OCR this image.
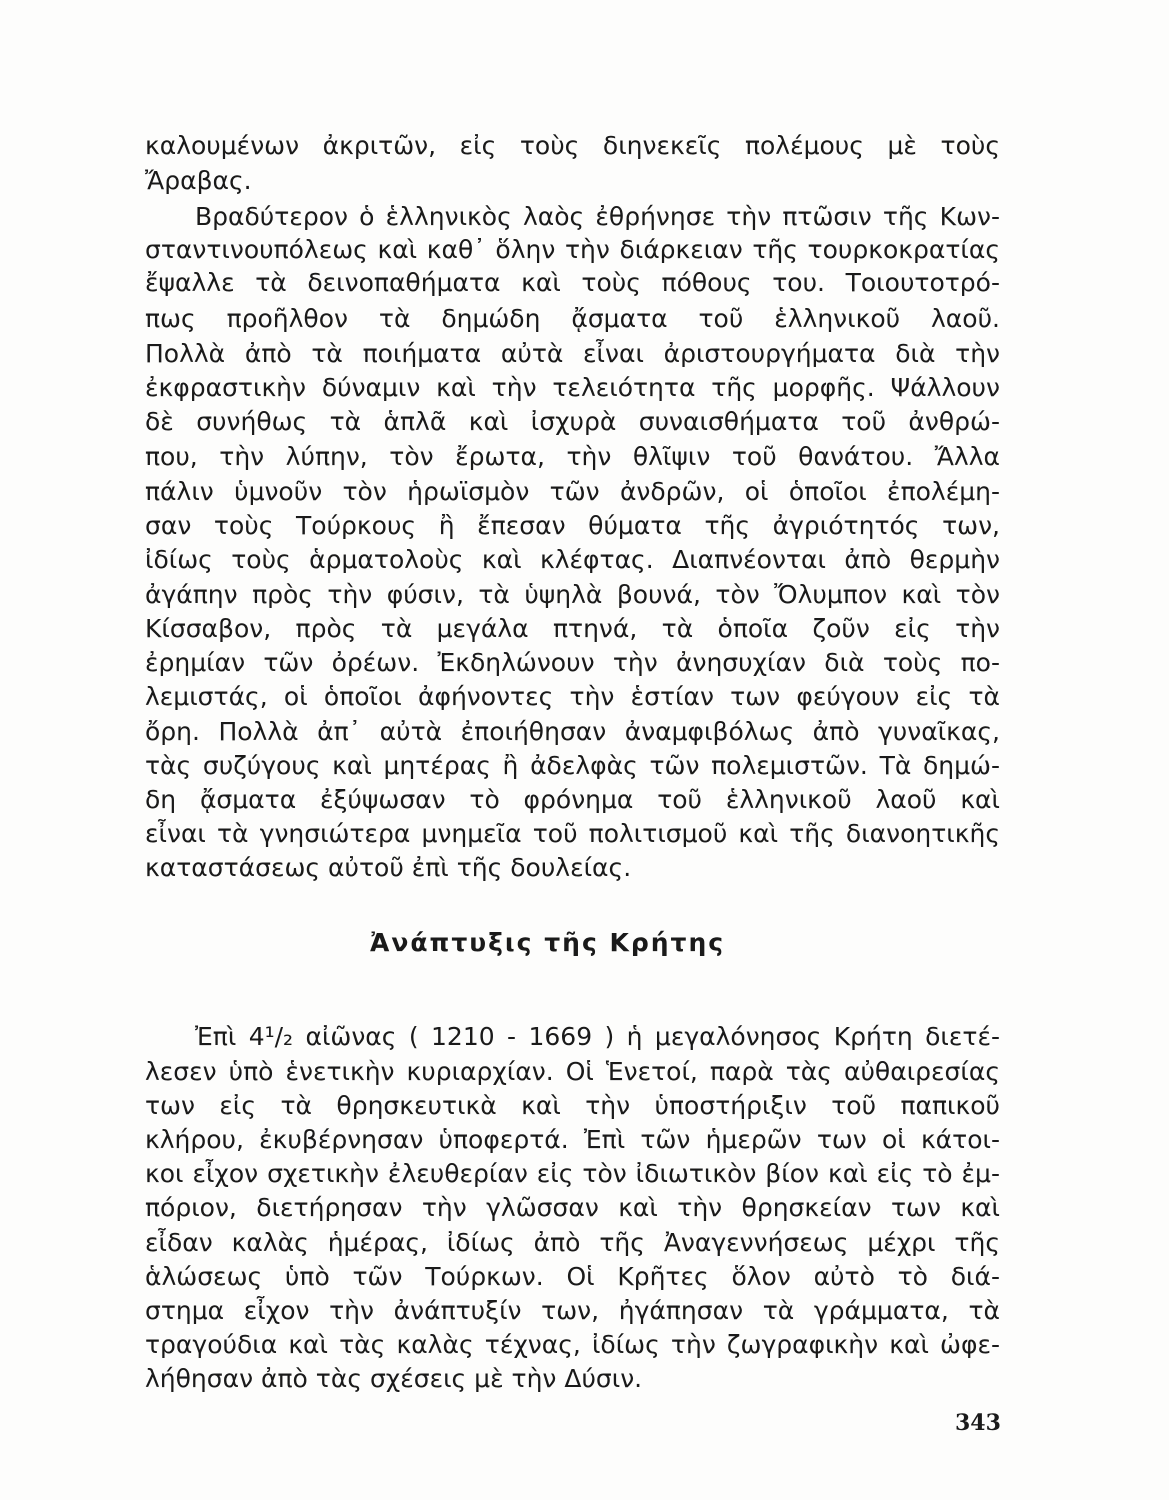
καλουμένων ἀκριτῶν, εἰς τοὺς διηνεκεῖς πολέμους μὲ τοὺς
Ἄραβας.
Βραδύτερον ὁ ἑλληνικὸς λαὸς ἐθρήνησε τὴν πτῶσιν τῆς Κων-
σταντινουπόλεως καὶ καθ᾿ ὅλην τὴν διάρκειαν τῆς τουρκοκρατίας
ἔψαλλε τὰ δεινοπαθήματα καὶ τοὺς πόθους του. Τοιουτοτρό-
πως προῆλθον τὰ δημώδη ᾄσματα τοῦ ἑλληνικοῦ λαοῦ.
Πολλὰ ἀπὸ τὰ ποιήματα αὐτὰ εἶναι ἀριστουργήματα διὰ τὴν
ἐκφραστικὴν δύναμιν καὶ τὴν τελειότητα τῆς μορφῆς. Ψάλλουν
δὲ συνήθως τὰ ἁπλᾶ καὶ ἰσχυρὰ συναισθήματα τοῦ ἀνθρώ-
που, τὴν λύπην, τὸν ἔρωτα, τὴν θλῖψιν τοῦ θανάτου. Ἄλλα
πάλιν ὑμνοῦν τὸν ἡρωϊσμὸν τῶν ἀνδρῶν, οἱ ὁποῖοι ἐπολέμη-
σαν τοὺς Τούρκους ἢ ἔπεσαν θύματα τῆς ἀγριότητός των,
ἰδίως τοὺς ἁρματολοὺς καὶ κλέφτας. Διαπνέονται ἀπὸ θερμὴν
ἀγάπην πρὸς τὴν φύσιν, τὰ ὑψηλὰ βουνά, τὸν Ὄλυμπον καὶ τὸν
Κίσσαβον, πρὸς τὰ μεγάλα πτηνά, τὰ ὁποῖα ζοῦν εἰς τὴν
ἐρημίαν τῶν ὀρέων. Ἐκδηλώνουν τὴν ἀνησυχίαν διὰ τοὺς πο-
λεμιστάς, οἱ ὁποῖοι ἀφήνοντες τὴν ἑστίαν των φεύγουν εἰς τὰ
ὄρη. Πολλὰ ἀπ᾿ αὐτὰ ἐποιήθησαν ἀναμφιβόλως ἀπὸ γυναῖκας,
τὰς συζύγους καὶ μητέρας ἢ ἀδελφὰς τῶν πολεμιστῶν. Τὰ δημώ-
δη ᾄσματα ἐξύψωσαν τὸ φρόνημα τοῦ ἑλληνικοῦ λαοῦ καὶ
εἶναι τὰ γνησιώτερα μνημεῖα τοῦ πολιτισμοῦ καὶ τῆς διανοητικῆς
καταστάσεως αὐτοῦ ἐπὶ τῆς δουλείας.
Ἀνάπτυξις τῆς Κρήτης
Ἐπὶ 4¹/₂ αἰῶνας ( 1210 - 1669 ) ἡ μεγαλόνησος Κρήτη διετέ-
λεσεν ὑπὸ ἑνετικὴν κυριαρχίαν. Οἱ Ἑνετοί, παρὰ τὰς αὐθαιρεσίας
των εἰς τὰ θρησκευτικὰ καὶ τὴν ὑποστήριξιν τοῦ παπικοῦ
κλήρου, ἐκυβέρνησαν ὑποφερτά. Ἐπὶ τῶν ἡμερῶν των οἱ κάτοι-
κοι εἶχον σχετικὴν ἐλευθερίαν εἰς τὸν ἰδιωτικὸν βίον καὶ εἰς τὸ ἐμ-
πόριον, διετήρησαν τὴν γλῶσσαν καὶ τὴν θρησκείαν των καὶ
εἶδαν καλὰς ἡμέρας, ἰδίως ἀπὸ τῆς Ἀναγεννήσεως μέχρι τῆς
ἁλώσεως ὑπὸ τῶν Τούρκων. Οἱ Κρῆτες ὅλον αὐτὸ τὸ διά-
στημα εἶχον τὴν ἀνάπτυξίν των, ἠγάπησαν τὰ γράμματα, τὰ
τραγούδια καὶ τὰς καλὰς τέχνας, ἰδίως τὴν ζωγραφικὴν καὶ ὠφε-
λήθησαν ἀπὸ τὰς σχέσεις μὲ τὴν Δύσιν.
343
